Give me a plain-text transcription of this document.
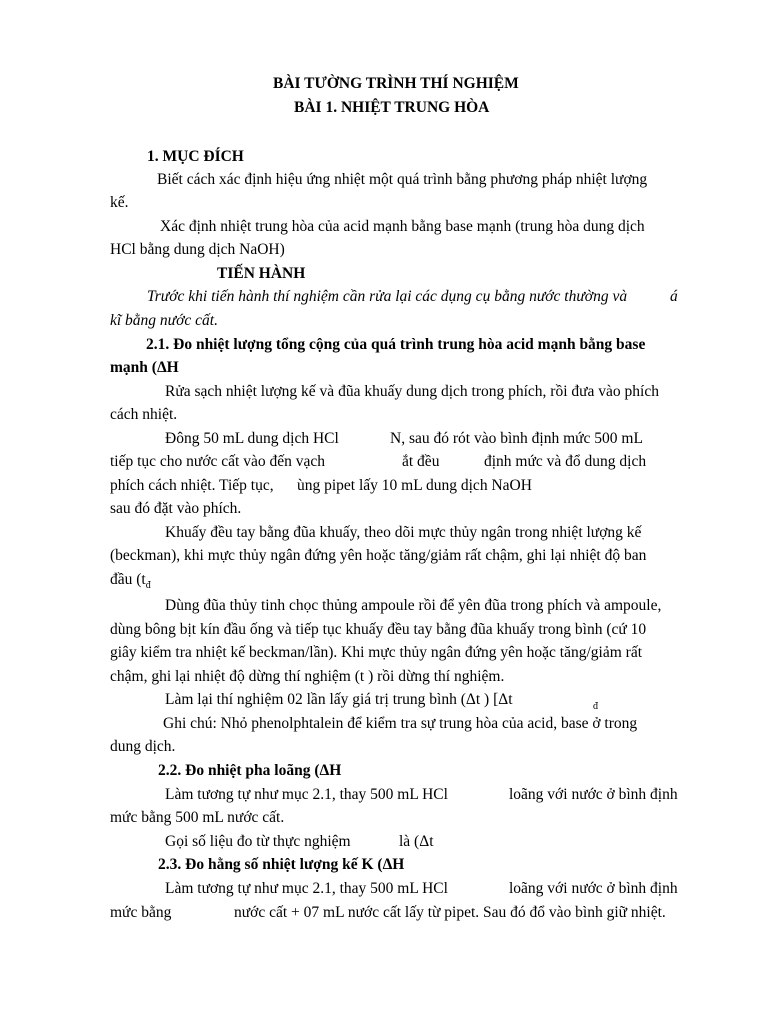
BÀI TƯỜNG TRÌNH THÍ NGHIỆM
BÀI 1. NHIỆT TRUNG HÒA
1. MỤC ĐÍCH
Biết cách xác định hiệu ứng nhiệt một quá trình bằng phương pháp nhiệt lượng
kế.
Xác định nhiệt trung hòa của acid mạnh bằng base mạnh (trung hòa dung dịch
HCl bằng dung dịch NaOH)
TIẾN HÀNH
Trước khi tiến hành thí nghiệm cần rửa lại các dụng cụ bằng nước thường và	á
kĩ bằng nước cất.
2.1. Đo nhiệt lượng tổng cộng của quá trình trung hòa acid mạnh bằng base
mạnh (ΔH
Rửa sạch nhiệt lượng kế và đũa khuấy dung dịch trong phích, rồi đưa vào phích
cách nhiệt.
Đông 50 mL dung dịch HCl	N, sau đó rót vào bình định mức 500 mL
tiếp tục cho nước cất vào đến vạch	ắt đều	định mức và đổ dung dịch
phích cách nhiệt. Tiếp tục, ùng pipet lấy 10 mL dung dịch NaOH
sau đó đặt vào phích.
Khuấy đều tay bằng đũa khuấy, theo dõi mực thủy ngân trong nhiệt lượng kế
(beckman), khi mực thủy ngân đứng yên hoặc tăng/giảm rất chậm, ghi lại nhiệt độ ban
đầu ($t_đ$
Dùng đũa thủy tinh chọc thủng ampoule rồi để yên đũa trong phích và ampoule,
dùng bông bịt kín đầu ống và tiếp tục khuấy đều tay bằng đũa khuấy trong bình (cứ 10
giây kiểm tra nhiệt kế beckman/lần). Khi mực thủy ngân đứng yên hoặc tăng/giảm rất
chậm, ghi lại nhiệt độ dừng thí nghiệm (t ) rồi dừng thí nghiệm.
Làm lại thí nghiệm 02 lần lấy giá trị trung bình (Δt ) [Δt	đ
Ghi chú: Nhỏ phenolphtalein để kiểm tra sự trung hòa của acid, base ở trong
dung dịch.
2.2. Đo nhiệt pha loãng (ΔH
Làm tương tự như mục 2.1, thay 500 mL HCl	loãng với nước ở bình định
mức bằng 500 mL nước cất.
Gọi số liệu đo từ thực nghiệm	là (Δt
2.3. Đo hằng số nhiệt lượng kế K (ΔH
Làm tương tự như mục 2.1, thay 500 mL HCl	loãng với nước ở bình định
mức bằng	nước cất + 07 mL nước cất lấy từ pipet. Sau đó đổ vào bình giữ nhiệt.
